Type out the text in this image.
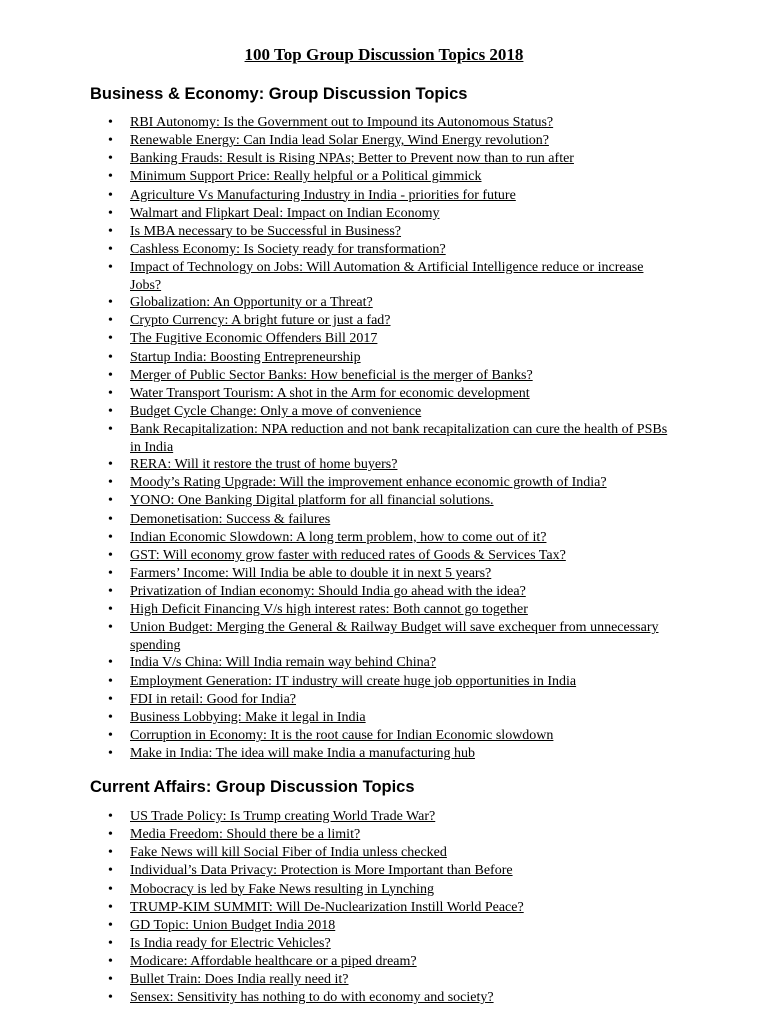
100 Top Group Discussion Topics 2018
Business & Economy: Group Discussion Topics
• RBI Autonomy: Is the Government out to Impound its Autonomous Status?
• Renewable Energy: Can India lead Solar Energy, Wind Energy revolution?
• Banking Frauds: Result is Rising NPAs; Better to Prevent now than to run after
• Minimum Support Price: Really helpful or a Political gimmick
• Agriculture Vs Manufacturing Industry in India - priorities for future
• Walmart and Flipkart Deal: Impact on Indian Economy
• Is MBA necessary to be Successful in Business?
• Cashless Economy: Is Society ready for transformation?
• Impact of Technology on Jobs: Will Automation & Artificial Intelligence reduce or increase Jobs?
• Globalization: An Opportunity or a Threat?
• Crypto Currency: A bright future or just a fad?
• The Fugitive Economic Offenders Bill 2017
• Startup India: Boosting Entrepreneurship
• Merger of Public Sector Banks: How beneficial is the merger of Banks?
• Water Transport Tourism: A shot in the Arm for economic development
• Budget Cycle Change: Only a move of convenience
• Bank Recapitalization: NPA reduction and not bank recapitalization can cure the health of PSBs in India
• RERA: Will it restore the trust of home buyers?
• Moody’s Rating Upgrade: Will the improvement enhance economic growth of India?
• YONO: One Banking Digital platform for all financial solutions.
• Demonetisation: Success & failures
• Indian Economic Slowdown: A long term problem, how to come out of it?
• GST: Will economy grow faster with reduced rates of Goods & Services Tax?
• Farmers’ Income: Will India be able to double it in next 5 years?
• Privatization of Indian economy: Should India go ahead with the idea?
• High Deficit Financing V/s high interest rates: Both cannot go together
• Union Budget: Merging the General & Railway Budget will save exchequer from unnecessary spending
• India V/s China: Will India remain way behind China?
• Employment Generation: IT industry will create huge job opportunities in India
• FDI in retail: Good for India?
• Business Lobbying: Make it legal in India
• Corruption in Economy: It is the root cause for Indian Economic slowdown
• Make in India: The idea will make India a manufacturing hub
Current Affairs: Group Discussion Topics
• US Trade Policy: Is Trump creating World Trade War?
• Media Freedom: Should there be a limit?
• Fake News will kill Social Fiber of India unless checked
• Individual’s Data Privacy: Protection is More Important than Before
• Mobocracy is led by Fake News resulting in Lynching
• TRUMP-KIM SUMMIT: Will De-Nuclearization Instill World Peace?
• GD Topic: Union Budget India 2018
• Is India ready for Electric Vehicles?
• Modicare: Affordable healthcare or a piped dream?
• Bullet Train: Does India really need it?
• Sensex: Sensitivity has nothing to do with economy and society?
